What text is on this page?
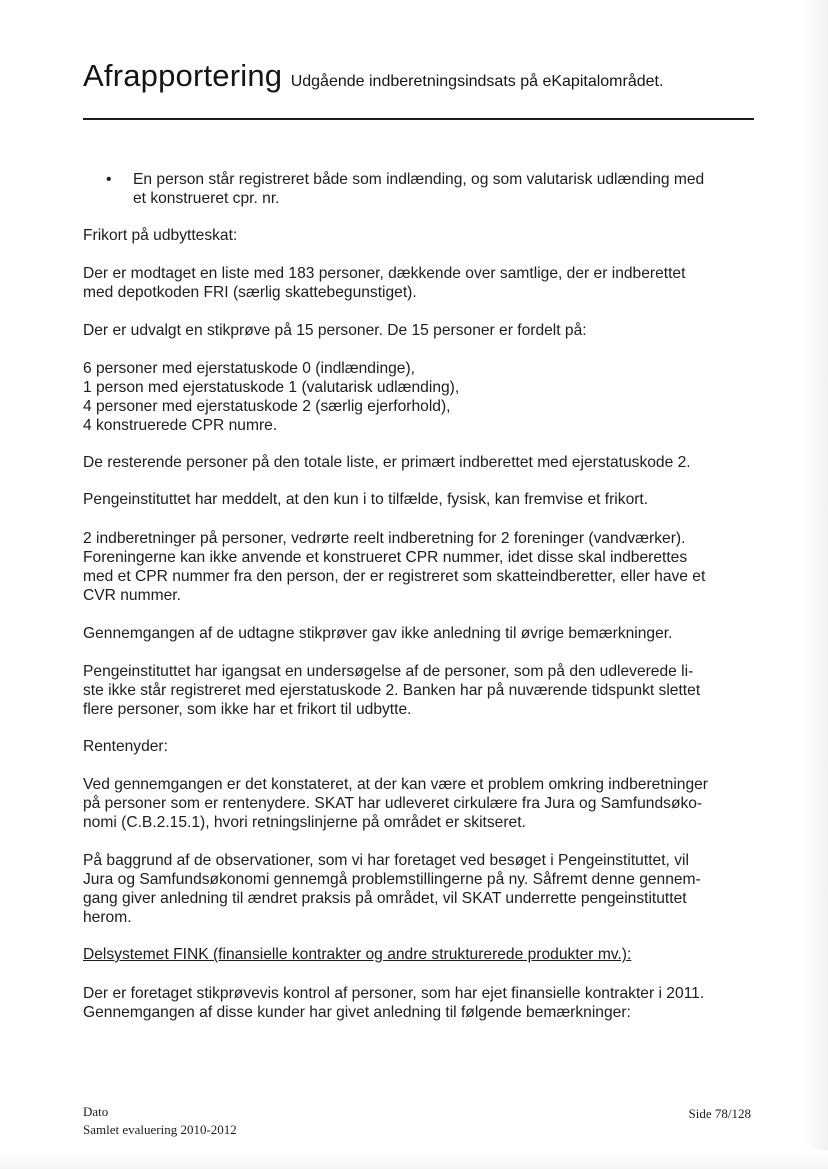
Afrapportering Udgående indberetningsindsats på eKapitalområdet.
• En person står registreret både som indlænding, og som valutarisk udlænding med
et konstrueret cpr. nr.

Frikort på udbytteskat:

Der er modtaget en liste med 183 personer, dækkende over samtlige, der er indberettet
med depotkoden FRI (særlig skattebegunstiget).

Der er udvalgt en stikprøve på 15 personer. De 15 personer er fordelt på:

6 personer med ejerstatuskode 0 (indlændinge),
1 person med ejerstatuskode 1 (valutarisk udlænding),
4 personer med ejerstatuskode 2 (særlig ejerforhold),
4 konstruerede CPR numre.

De resterende personer på den totale liste, er primært indberettet med ejerstatuskode 2.

Pengeinstituttet har meddelt, at den kun i to tilfælde, fysisk, kan fremvise et frikort.

2 indberetninger på personer, vedrørte reelt indberetning for 2 foreninger (vandværker).
Foreningerne kan ikke anvende et konstrueret CPR nummer, idet disse skal indberettes
med et CPR nummer fra den person, der er registreret som skatteindberetter, eller have et
CVR nummer.

Gennemgangen af de udtagne stikprøver gav ikke anledning til øvrige bemærkninger.

Pengeinstituttet har igangsat en undersøgelse af de personer, som på den udleverede li-
ste ikke står registreret med ejerstatuskode 2. Banken har på nuværende tidspunkt slettet
flere personer, som ikke har et frikort til udbytte.

Rentenyder:

Ved gennemgangen er det konstateret, at der kan være et problem omkring indberetninger
på personer som er rentenydere. SKAT har udleveret cirkulære fra Jura og Samfundsøko-
nomi (C.B.2.15.1), hvori retningslinjerne på området er skitseret.
På baggrund af de observationer, som vi har foretaget ved besøget i Pengeinstituttet, vil
Jura og Samfundsøkonomi gennemgå problemstillingerne på ny. Såfremt denne gennem-
gang giver anledning til ændret praksis på området, vil SKAT underrette pengeinstituttet
herom.

Delsystemet FINK (finansielle kontrakter og andre strukturerede produkter mv.):

Der er foretaget stikprøvevis kontrol af personer, som har ejet finansielle kontrakter i 2011.
Gennemgangen af disse kunder har givet anledning til følgende bemærkninger:
Dato
Samlet evaluering 2010-2012
Side 78/128
